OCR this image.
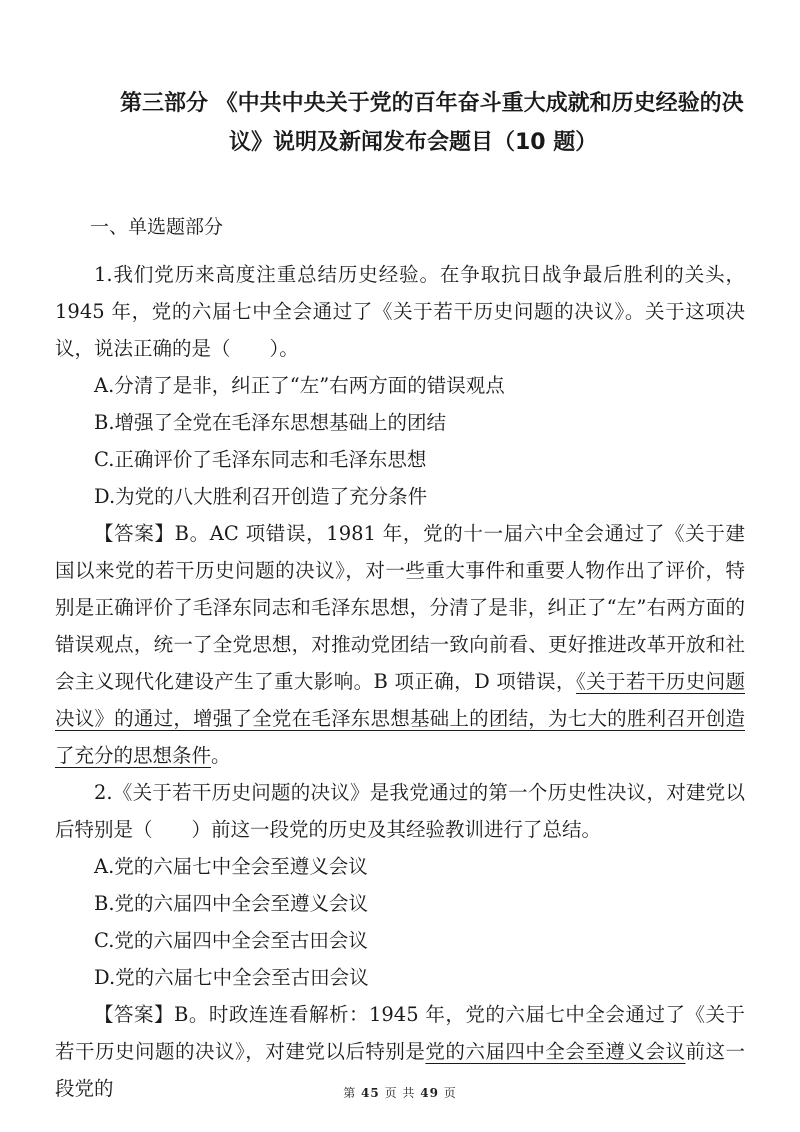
第三部分 《中共中央关于党的百年奋斗重大成就和历史经验的决
议》说明及新闻发布会题目（10 题）
一、单选题部分

1.我们党历来高度注重总结历史经验。在争取抗日战争最后胜利的关头，1945 年，党的六届七中全会通过了《关于若干历史问题的决议》。关于这项决议，说法正确的是（　　）。

A.分清了是非，纠正了“左”右两方面的错误观点

B.增强了全党在毛泽东思想基础上的团结

C.正确评价了毛泽东同志和毛泽东思想

D.为党的八大胜利召开创造了充分条件

【答案】B。AC 项错误，1981 年，党的十一届六中全会通过了《关于建国以来党的若干历史问题的决议》，对一些重大事件和重要人物作出了评价，特别是正确评价了毛泽东同志和毛泽东思想，分清了是非，纠正了“左”右两方面的错误观点，统一了全党思想，对推动党团结一致向前看、更好推进改革开放和社会主义现代化建设产生了重大影响。B 项正确，D 项错误，《关于若干历史问题决议》的通过，增强了全党在毛泽东思想基础上的团结，为七大的胜利召开创造了充分的思想条件。

2.《关于若干历史问题的决议》是我党通过的第一个历史性决议，对建党以后特别是（　　）前这一段党的历史及其经验教训进行了总结。

A.党的六届七中全会至遵义会议

B.党的六届四中全会至遵义会议

C.党的六届四中全会至古田会议

D.党的六届七中全会至古田会议

【答案】B。时政连连看解析：1945 年，党的六届七中全会通过了《关于若干历史问题的决议》，对建党以后特别是党的六届四中全会至遵义会议前这一段党的	第 45 页 共 49 页
